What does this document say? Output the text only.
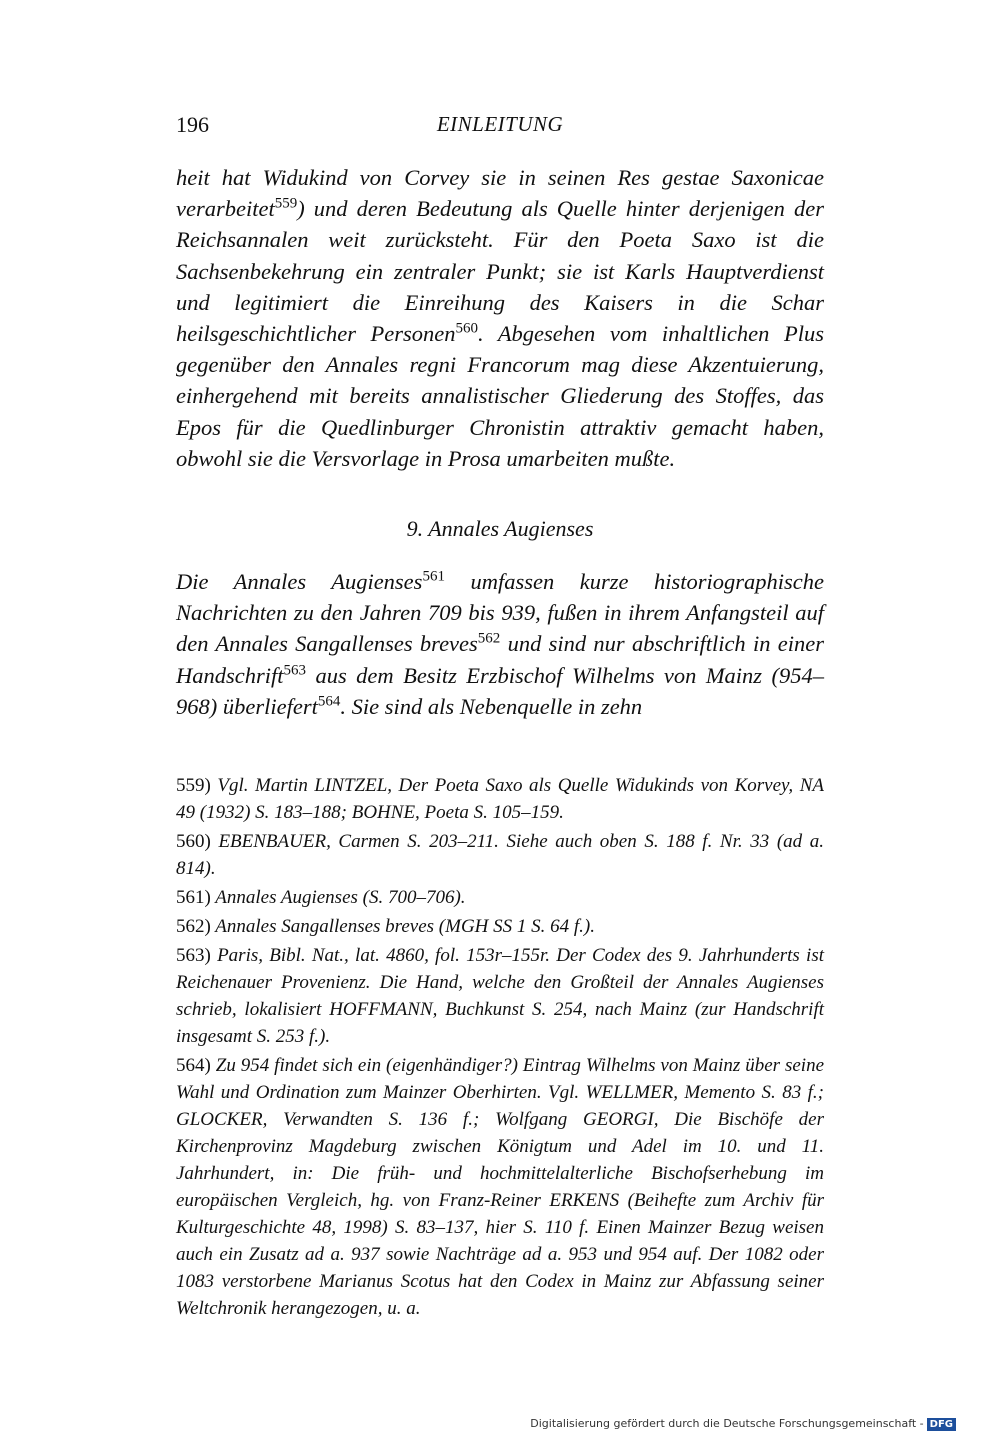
196	EINLEITUNG

heit hat Widukind von Corvey sie in seinen Res gestae Saxonicae verarbeitet$^{559}$) und deren Bedeutung als Quelle hinter derjenigen der Reichsannalen weit zurücksteht. Für den Poeta Saxo ist die Sachsenbekehrung ein zentraler Punkt; sie ist Karls Hauptverdienst und legitimiert die Einreihung des Kaisers in die Schar heilsgeschichtlicher Personen$^{560}$. Abgesehen vom inhaltlichen Plus gegenüber den Annales regni Francorum mag diese Akzentuierung, einhergehend mit bereits annalistischer Gliederung des Stoffes, das Epos für die Quedlinburger Chronistin attraktiv gemacht haben, obwohl sie die Versvorlage in Prosa umarbeiten mußte.

9. Annales Augienses

Die Annales Augienses$^{561}$ umfassen kurze historiographische Nachrichten zu den Jahren 709 bis 939, fußen in ihrem Anfangsteil auf den Annales Sangallenses breves$^{562}$ und sind nur abschriftlich in einer Handschrift$^{563}$ aus dem Besitz Erzbischof Wilhelms von Mainz (954–968) überliefert$^{564}$. Sie sind als Nebenquelle in zehn

559) Vgl. Martin LINTZEL, Der Poeta Saxo als Quelle Widukinds von Korvey, NA 49 (1932) S. 183–188; BOHNE, Poeta S. 105–159.

560) EBENBAUER, Carmen S. 203–211. Siehe auch oben S. 188 f. Nr. 33 (ad a. 814).

561) Annales Augienses (S. 700–706).

562) Annales Sangallenses breves (MGH SS 1 S. 64 f.).

563) Paris, Bibl. Nat., lat. 4860, fol. 153r–155r. Der Codex des 9. Jahrhunderts ist Reichenauer Provenienz. Die Hand, welche den Großteil der Annales Augienses schrieb, lokalisiert HOFFMANN, Buchkunst S. 254, nach Mainz (zur Handschrift insgesamt S. 253 f.).

564) Zu 954 findet sich ein (eigenhändiger?) Eintrag Wilhelms von Mainz über seine Wahl und Ordination zum Mainzer Oberhirten. Vgl. WELLMER, Memento S. 83 f.; GLOCKER, Verwandten S. 136 f.; Wolfgang GEORGI, Die Bischöfe der Kirchenprovinz Magdeburg zwischen Königtum und Adel im 10. und 11. Jahrhundert, in: Die früh- und hochmittelalterliche Bischofserhebung im europäischen Vergleich, hg. von Franz-Reiner ERKENS (Beihefte zum Archiv für Kulturgeschichte 48, 1998) S. 83–137, hier S. 110 f. Einen Mainzer Bezug weisen auch ein Zusatz ad a. 937 sowie Nachträge ad a. 953 und 954 auf. Der 1082 oder 1083 verstorbene Marianus Scotus hat den Codex in Mainz zur Abfassung seiner Weltchronik herangezogen, u. a.

Digitalisierung gefördert durch die Deutsche Forschungsgemeinschaft - DFG
